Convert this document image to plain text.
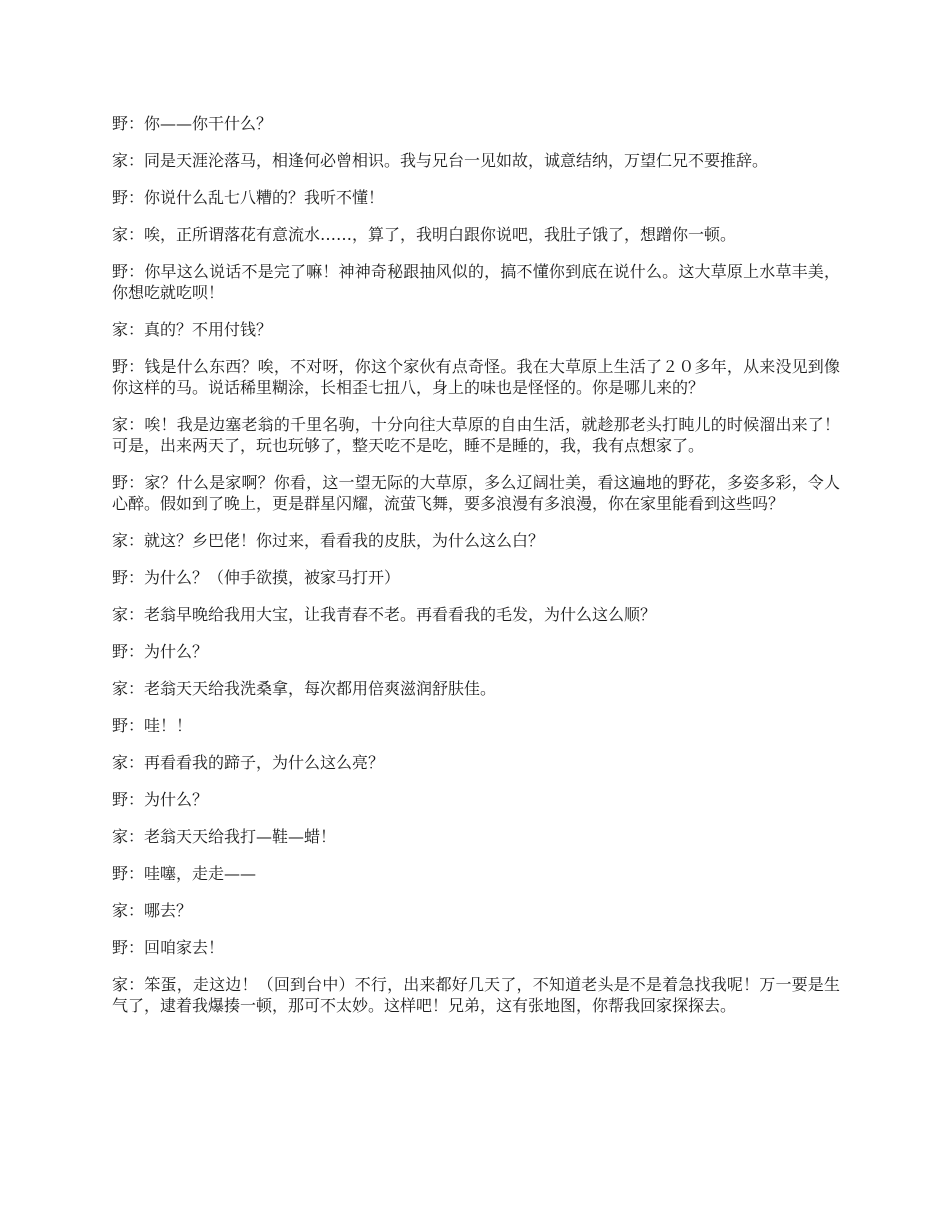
野：你——你干什么？

家：同是天涯沦落马，相逢何必曾相识。我与兄台一见如故，诚意结纳，万望仁兄不要推辞。

野：你说什么乱七八糟的？我听不懂！

家：唉，正所谓落花有意流水……，算了，我明白跟你说吧，我肚子饿了，想蹭你一顿。

野：你早这么说话不是完了嘛！神神奇秘跟抽风似的，搞不懂你到底在说什么。这大草原上水草丰美，你想吃就吃呗！

家：真的？不用付钱？

野：钱是什么东西？唉，不对呀，你这个家伙有点奇怪。我在大草原上生活了２０多年，从来没见到像你这样的马。说话稀里糊涂，长相歪七扭八，身上的味也是怪怪的。你是哪儿来的？

家：唉！我是边塞老翁的千里名驹，十分向往大草原的自由生活，就趁那老头打盹儿的时候溜出来了！可是，出来两天了，玩也玩够了，整天吃不是吃，睡不是睡的，我，我有点想家了。

野：家？什么是家啊？你看，这一望无际的大草原，多么辽阔壮美，看这遍地的野花，多姿多彩，令人心醉。假如到了晚上，更是群星闪耀，流萤飞舞，要多浪漫有多浪漫，你在家里能看到这些吗？

家：就这？乡巴佬！你过来，看看我的皮肤，为什么这么白？

野：为什么？（伸手欲摸，被家马打开）

家：老翁早晚给我用大宝，让我青春不老。再看看我的毛发，为什么这么顺？

野：为什么？

家：老翁天天给我洗桑拿，每次都用倍爽滋润舒肤佳。

野：哇！！

家：再看看我的蹄子，为什么这么亮？

野：为什么？

家：老翁天天给我打—鞋—蜡！

野：哇噻，走走——

家：哪去？

野：回咱家去！

家：笨蛋，走这边！（回到台中）不行，出来都好几天了，不知道老头是不是着急找我呢！万一要是生气了，逮着我爆揍一顿，那可不太妙。这样吧！兄弟，这有张地图，你帮我回家探探去。
